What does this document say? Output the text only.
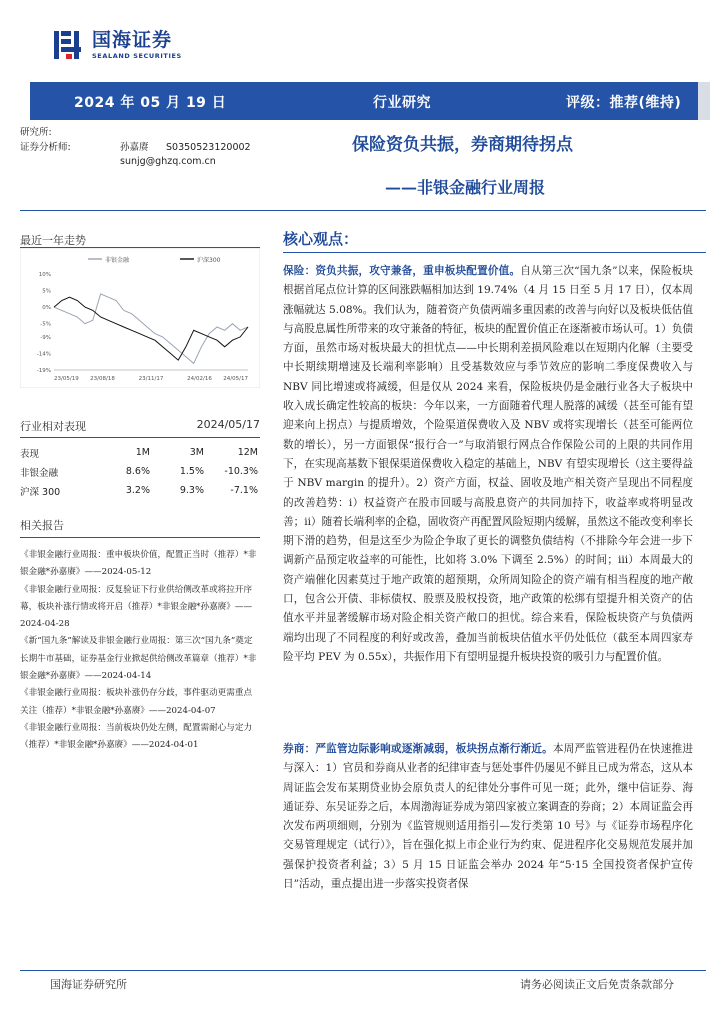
国海证券
SEALAND SECURITIES
2024 年 05 月 19 日	行业研究	评级：推荐(维持)
研究所:
证券分析师:	孙嘉赓	S0350523120002
sunjg@ghzq.com.cn
保险资负共振，券商期待拐点
——非银金融行业周报
最近一年走势
非银金融	沪深300
10%
5%
0%
-5%
-9%
-14%
-19%
23/05/19 23/08/18	23/11/17	24/02/16 24/05/17
行业相对表现	2024/05/17
表现	1M	3M	12M
非银金融	8.6%	1.5%	-10.3%
沪深 300	3.2%	9.3%	-7.1%
相关报告

《非银金融行业周报：重申板块价值，配置正当时（推荐）*非银金融*孙嘉赓》——2024-05-12

《非银金融行业周报：反复验证下行业供给侧改革或将拉开序幕，板块补涨行情或将开启（推荐）*非银金融*孙嘉赓》——2024-04-28

《新“国九条”解读及非银金融行业周报：第三次“国九条”奠定长期牛市基础，证券基金行业掀起供给侧改革篇章（推荐）*非银金融*孙嘉赓》——2024-04-14

《非银金融行业周报：板块补涨仍存分歧，事件驱动更需重点关注（推荐）*非银金融*孙嘉赓》——2024-04-07

《非银金融行业周报：当前板块仍处左侧，配置需耐心与定力（推荐）*非银金融*孙嘉赓》——2024-04-01

核心观点：
保险：资负共振，攻守兼备，重申板块配置价值。自从第三次“国九条”以来，保险板块根据首尾点位计算的区间涨跌幅相加达到 19.74%（4 月 15 日至 5 月 17 日），仅本周涨幅就达 5.08%。我们认为，随着资产负债两端多重因素的改善与向好以及板块低估值与高股息属性所带来的攻守兼备的特征，板块的配置价值正在逐渐被市场认可。1）负债方面，虽然市场对板块最大的担忧点——中长期利差损风险难以在短期内化解（主要受中长期续期增速及长端利率影响）且受基数效应与季节效应的影响二季度保费收入与 NBV 同比增速或将减缓，但是仅从 2024 来看，保险板块仍是金融行业各大子板块中收入成长确定性较高的板块：今年以来，一方面随着代理人脱落的减缓（甚至可能有望迎来向上拐点）与提质增效，个险渠道保费收入及 NBV 或将实现增长（甚至可能两位数的增长），另一方面银保“报行合一”与取消银行网点合作保险公司的上限的共同作用下，在实现高基数下银保渠道保费收入稳定的基础上，NBV 有望实现增长（这主要得益于 NBV margin 的提升）。2）资产方面，权益、固收及地产相关资产呈现出不同程度的改善趋势：i）权益资产在股市回暖与高股息资产的共同加持下，收益率或将明显改善；ii）随着长端利率的企稳，固收资产再配置风险短期内缓解，虽然这不能改变利率长期下滑的趋势，但是这至少为险企争取了更长的调整负债结构（不排除今年会进一步下调新产品预定收益率的可能性，比如将 3.0% 下调至 2.5%）的时间；iii）本周最大的资产端催化因素莫过于地产政策的超预期，众所周知险企的资产端有相当程度的地产敞口，包含公开债、非标债权、股票及股权投资，地产政策的松绑有望提升相关资产的估值水平并显著缓解市场对险企相关资产敞口的担忧。综合来看，保险板块资产与负债两端均出现了不同程度的利好或改善，叠加当前板块估值水平仍处低位（截至本周四家寿险平均 PEV 为 0.55x），共振作用下有望明显提升板块投资的吸引力与配置价值。
券商：严监管边际影响或逐渐减弱，板块拐点渐行渐近。本周严监管进程仍在快速推进与深入：1）官员和券商从业者的纪律审查与惩处事件仍屡见不鲜且已成为常态，这从本周证监会发布某期贷业协会原负责人的纪律处分事件可见一斑；此外，继中信证券、海通证券、东吴证券之后，本周渤海证券成为第四家被立案调查的券商；2）本周证监会再次发布两项细则，分别为《监管规则适用指引—发行类第 10 号》与《证券市场程序化交易管理规定（试行）》，旨在强化拟上市企业行为约束、促进程序化交易规范发展并加强保护投资者利益；3）5 月 15 日证监会举办 2024 年“5·15 全国投资者保护宣传日”活动，重点提出进一步落实投资者保
国海证券研究所	请务必阅读正文后免责条款部分
